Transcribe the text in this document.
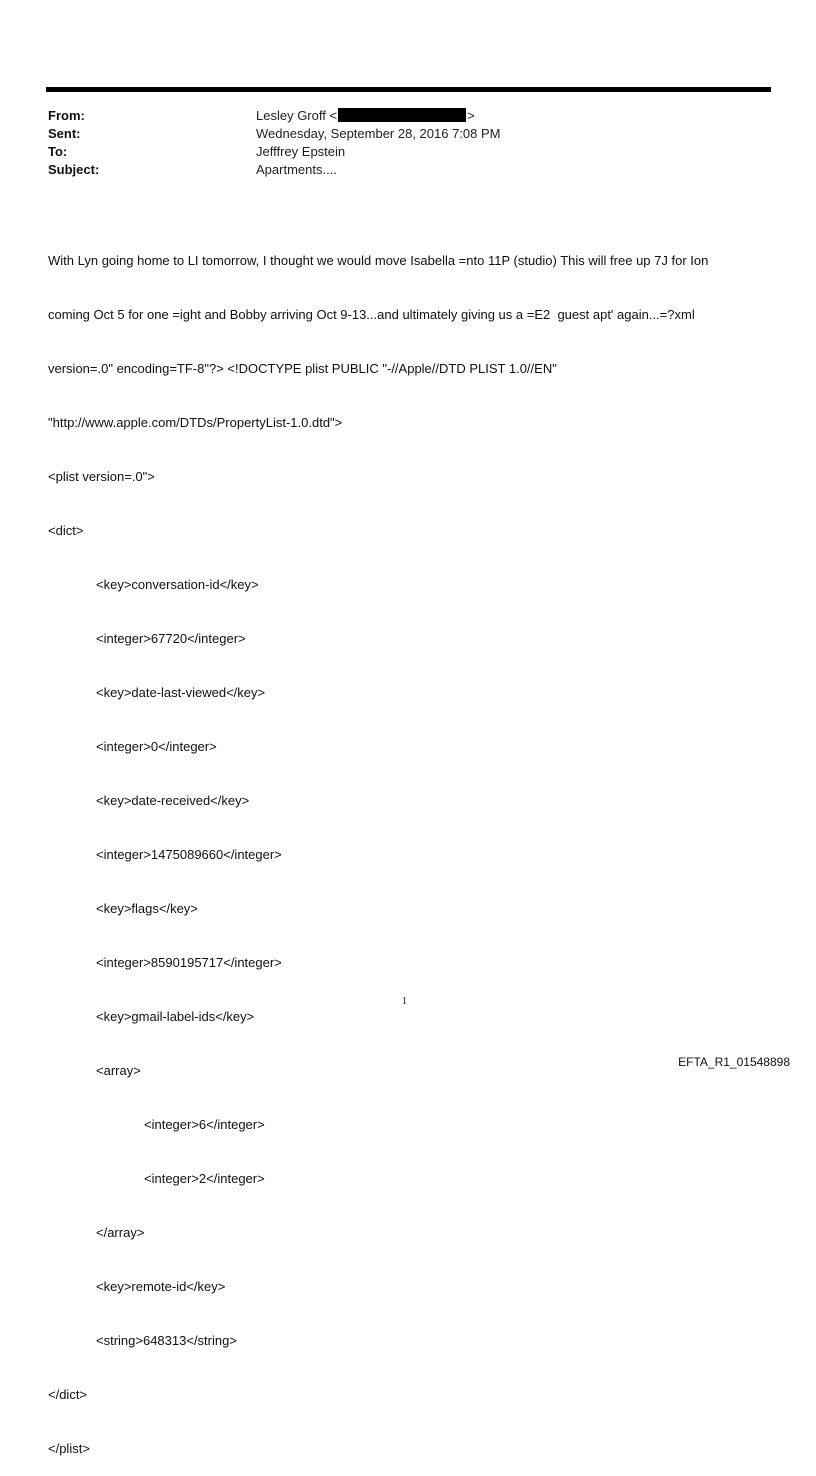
From:	Lesley Groff <	>
Sent:	Wednesday, September 28, 2016 7:08 PM
To:	Jefffrey Epstein
Subject:	Apartments....

With Lyn going home to LI tomorrow, I thought we would move Isabella =nto 11P (studio) This will free up 7J for Ion

coming Oct 5 for one =ight and Bobby arriving Oct 9-13...and ultimately giving us a =E2  guest apt' again...=?xml

version=.0" encoding=TF-8"?> <!DOCTYPE plist PUBLIC "-//Apple//DTD PLIST 1.0//EN"

"http://www.apple.com/DTDs/PropertyList-1.0.dtd">

<plist version=.0">

<dict>

<key>conversation-id</key>

<integer>67720</integer>

<key>date-last-viewed</key>

<integer>0</integer>

<key>date-received</key>

<integer>1475089660</integer>

<key>flags</key>

<integer>8590195717</integer>

<key>gmail-label-ids</key>

<array>

<integer>6</integer>

<integer>2</integer>

</array>

<key>remote-id</key>

<string>648313</string>

</dict>

</plist>

1
EFTA_R1_01548898
